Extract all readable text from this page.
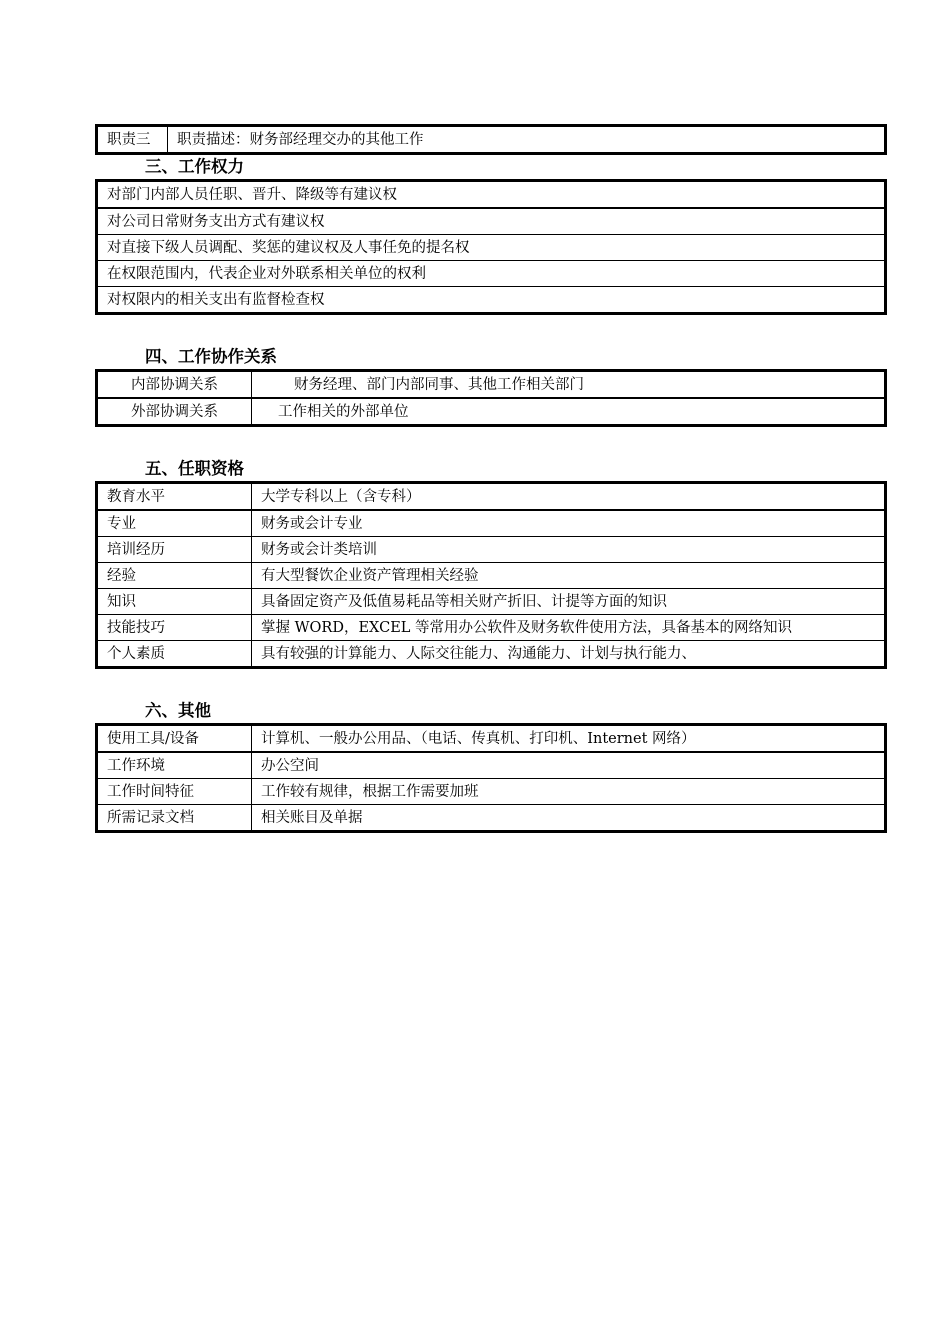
职责三	职责描述：财务部经理交办的其他工作
三、工作权力
对部门内部人员任职、晋升、降级等有建议权
对公司日常财务支出方式有建议权
对直接下级人员调配、奖惩的建议权及人事任免的提名权
在权限范围内，代表企业对外联系相关单位的权利
对权限内的相关支出有监督检查权
四、工作协作关系
内部协调关系	财务经理、部门内部同事、其他工作相关部门
外部协调关系	工作相关的外部单位
五、任职资格
教育水平	大学专科以上（含专科）
专业	财务或会计专业
培训经历	财务或会计类培训
经验	有大型餐饮企业资产管理相关经验
知识	具备固定资产及低值易耗品等相关财产折旧、计提等方面的知识
技能技巧	掌握 WORD，EXCEL 等常用办公软件及财务软件使用方法，具备基本的网络知识
个人素质	具有较强的计算能力、人际交往能力、沟通能力、计划与执行能力、
六、其他
使用工具/设备	计算机、一般办公用品、（电话、传真机、打印机、Internet 网络）
工作环境	办公空间
工作时间特征	工作较有规律，根据工作需要加班
所需记录文档	相关账目及单据
